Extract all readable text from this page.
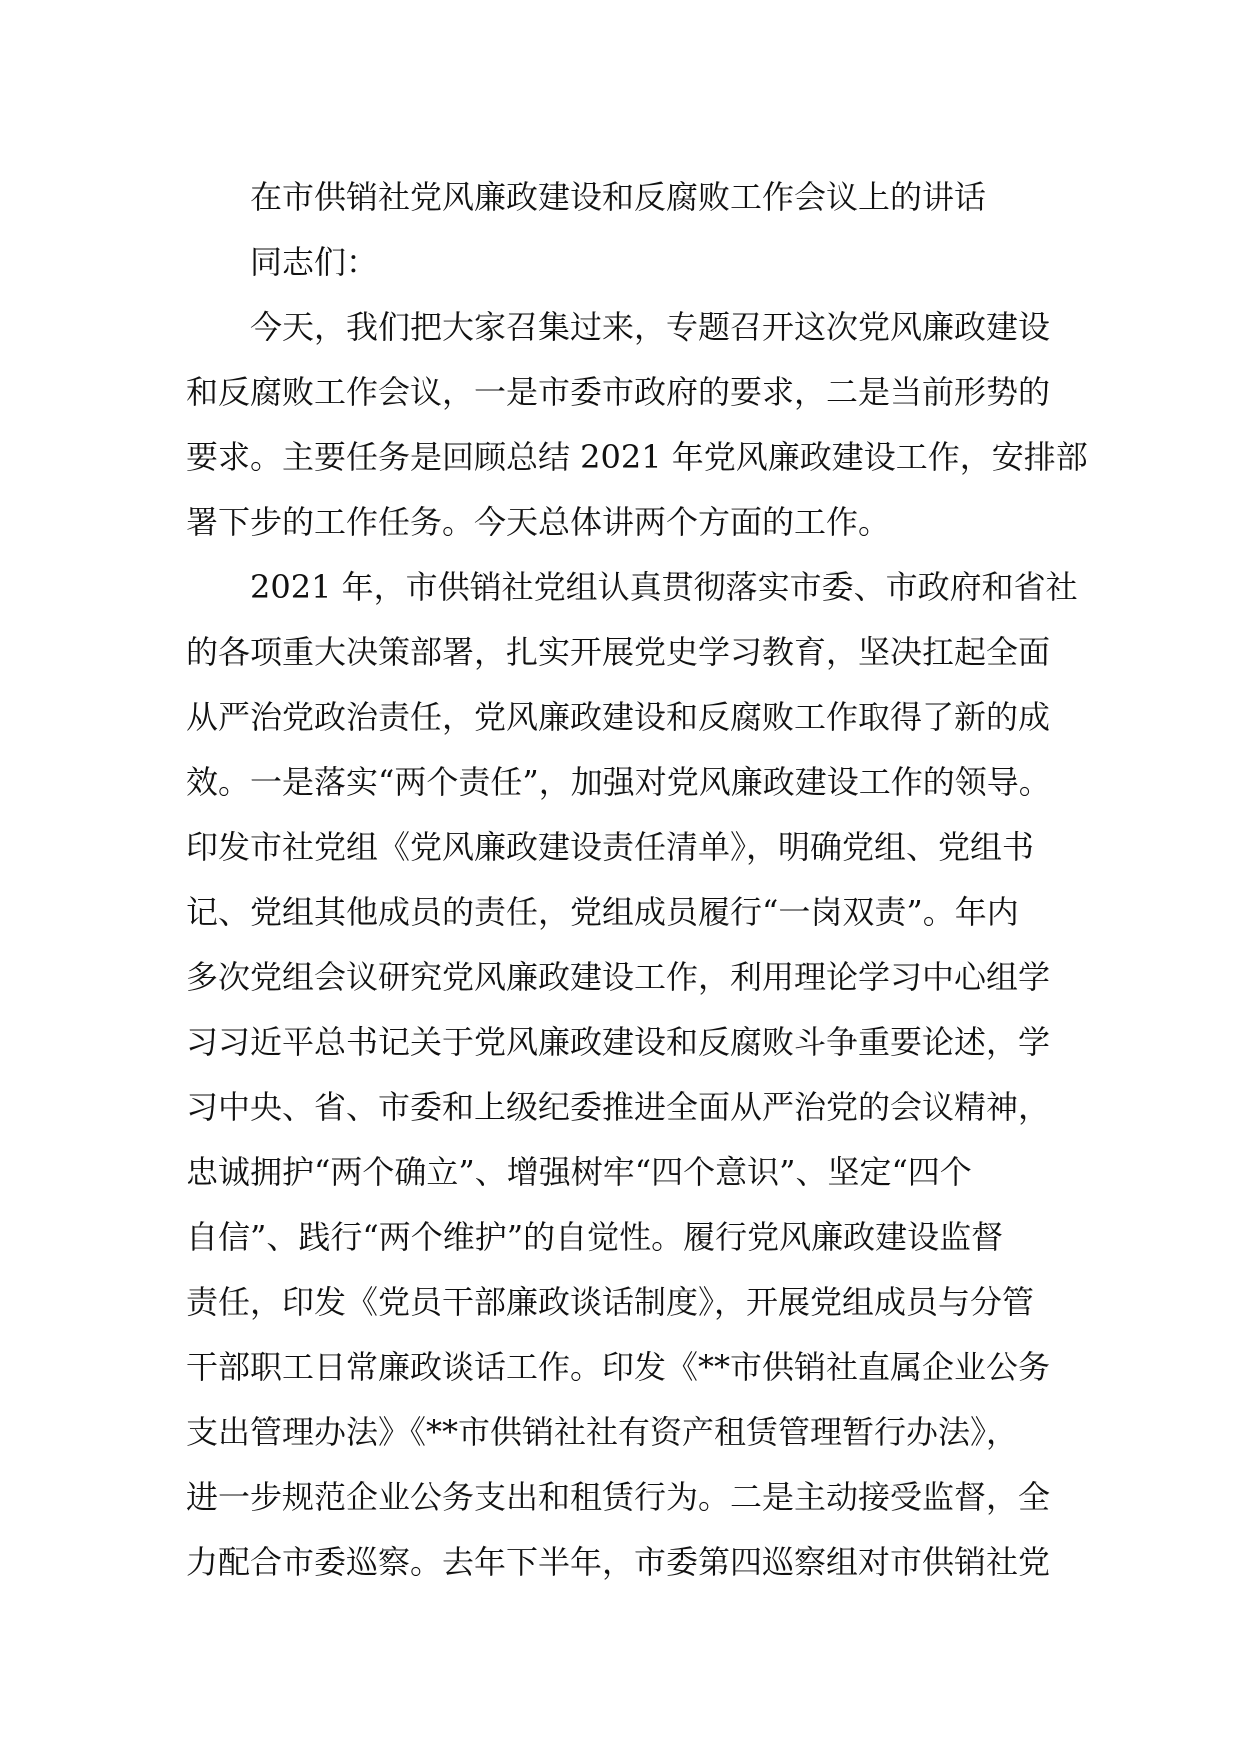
在市供销社党风廉政建设和反腐败工作会议上的讲话
同志们：
今天，我们把大家召集过来，专题召开这次党风廉政建设
和反腐败工作会议，一是市委市政府的要求，二是当前形势的
要求。主要任务是回顾总结 2021 年党风廉政建设工作，安排部
署下步的工作任务。今天总体讲两个方面的工作。
2021 年，市供销社党组认真贯彻落实市委、市政府和省社
的各项重大决策部署，扎实开展党史学习教育，坚决扛起全面
从严治党政治责任，党风廉政建设和反腐败工作取得了新的成
效。一是落实“两个责任”，加强对党风廉政建设工作的领导。
印发市社党组《党风廉政建设责任清单》，明确党组、党组书
记、党组其他成员的责任，党组成员履行“一岗双责”。年内
多次党组会议研究党风廉政建设工作，利用理论学习中心组学
习习近平总书记关于党风廉政建设和反腐败斗争重要论述，学
习中央、省、市委和上级纪委推进全面从严治党的会议精神，
忠诚拥护“两个确立”、增强树牢“四个意识”、坚定“四个
自信”、践行“两个维护”的自觉性。履行党风廉政建设监督
责任，印发《党员干部廉政谈话制度》，开展党组成员与分管
干部职工日常廉政谈话工作。印发《**市供销社直属企业公务
支出管理办法》《**市供销社社有资产租赁管理暂行办法》，
进一步规范企业公务支出和租赁行为。二是主动接受监督，全
力配合市委巡察。去年下半年，市委第四巡察组对市供销社党
